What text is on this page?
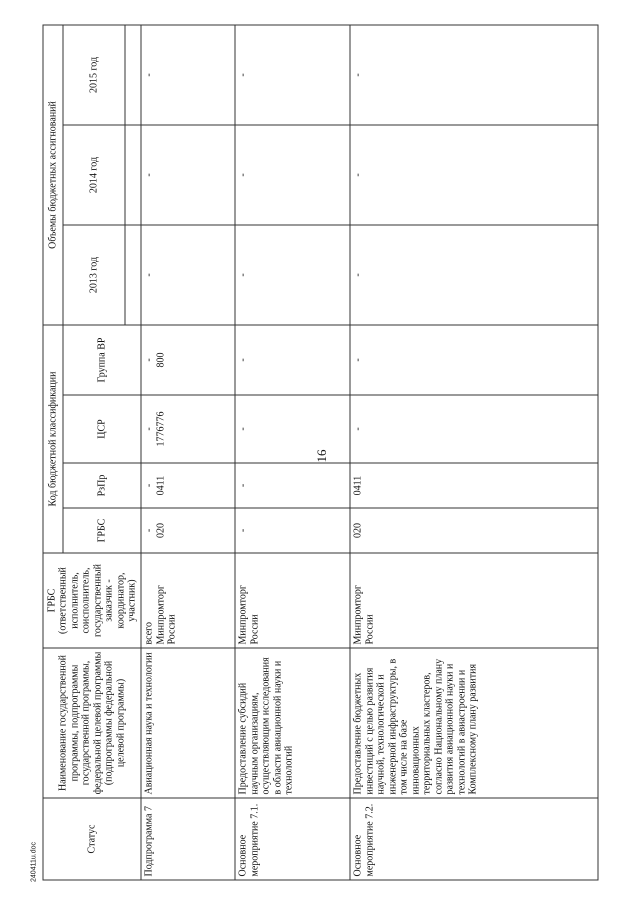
16
Статус	Наименование государственной программы, подпрограммы государственной программы, федеральной целевой программы (подпрограммы федеральной целевой программы)	ГРБС (ответственный исполнитель, соисполнитель, государственный заказчик - координатор, участник)	Код бюджетной классификации				Объемы бюджетных ассигнований		
			ГРБС	РзПр	ЦСР	Группа ВР	2013 год	2014 год	2015 год

Подпрограмма 7	Авиационная наука и технологии	всего Минпромторг России	- 020	- 0411	- 1776776	- 800	-	-	-
Основное мероприятие 7.1.	Предоставление субсидий научным организациям, осуществляющим исследования в области авиационной науки и технологий	Минпромторг России	-	-	-	-	-	-	-
Основное мероприятие 7.2.	Предоставление бюджетных инвестиций с целью развития научной, технологической и инженерной инфраструктуры, в том числе на базе инновационных территориальных кластеров, согласно Национальному плану развития авиационной науки и технологий в авиастроении и Комплексному плану развития	Минпромторг России	020	0411	-	-	-	-	-
240411u.doc
